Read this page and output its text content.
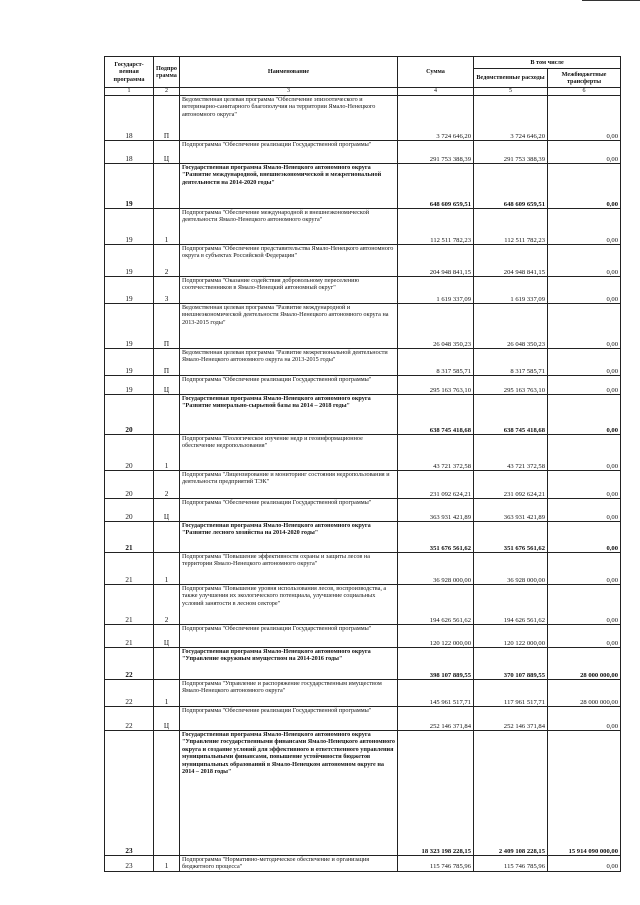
Государст-венная программа	Подпро грамма	Наименование	Сумма	В том числе	
				Ведомственные расходы	Межбюджетные трансферты
1	2	3	4	5	6
18	П	Ведомственная целевая программа "Обеспечение эпизоотического и ветеринарно-санитарного благополучия на территории Ямало-Ненецкого автономного округа"	3 724 646,20	3 724 646,20	0,00
18	Ц	Подпрограмма "Обеспечение реализации Государственной программы"	291 753 388,39	291 753 388,39	0,00
19		Государственная программа Ямало-Ненецкого автономного округа "Развитие международной, внешнеэкономической и межрегиональной деятельности на 2014-2020 годы"	648 609 659,51	648 609 659,51	0,00
19	1	Подпрограмма "Обеспечение международной и внешнеэкономической деятельности Ямало-Ненецкого автономного округа"	112 511 782,23	112 511 782,23	0,00
19	2	Подпрограмма "Обеспечение представительства Ямало-Ненецкого автономного округа в субъектах Российской Федерации"	204 948 841,15	204 948 841,15	0,00
19	3	Подпрограмма "Оказание содействия добровольному переселению соотечественников в Ямало-Ненецкий автономный округ"	1 619 337,09	1 619 337,09	0,00
19	П	Ведомственная целевая программа "Развитие международной и внешнеэкономической деятельности Ямало-Ненецкого автономного округа на 2013-2015 годы"	26 048 350,23	26 048 350,23	0,00
19	П	Ведомственная целевая программа "Развитие межрегиональной деятельности Ямало-Ненецкого автономного округа на 2013-2015 годы"	8 317 585,71	8 317 585,71	0,00
19	Ц	Подпрограмма "Обеспечение реализации Государственной программы"	295 163 763,10	295 163 763,10	0,00
20		Государственная программа Ямало-Ненецкого автономного округа "Развитие минерально-сырьевой базы на 2014 – 2018 годы"	638 745 418,68	638 745 418,68	0,00
20	1	Подпрограмма "Геологическое изучение недр и геоинформационное обеспечение недропользования"	43 721 372,58	43 721 372,58	0,00
20	2	Подпрограмма "Лицензирование и мониторинг состояния недропользования и деятельности предприятий ТЭК"	231 092 624,21	231 092 624,21	0,00
20	Ц	Подпрограмма "Обеспечение реализации Государственной программы"	363 931 421,89	363 931 421,89	0,00
21		Государственная программа Ямало-Ненецкого автономного округа "Развитие лесного хозяйства на 2014-2020 годы"	351 676 561,62	351 676 561,62	0,00
21	1	Подпрограмма "Повышение эффективности охраны и защиты лесов на территории Ямало-Ненецкого автономного округа"	36 928 000,00	36 928 000,00	0,00
21	2	Подпрограмма "Повышение уровня использования лесов, воспроизводства, а также улучшения их экологического потенциала, улучшение социальных условий занятости в лесном секторе"	194 626 561,62	194 626 561,62	0,00
21	Ц	Подпрограмма "Обеспечение реализации Государственной программы"	120 122 000,00	120 122 000,00	0,00
22		Государственная программа Ямало-Ненецкого автономного округа "Управление окружным имуществом на 2014-2016 годы"	398 107 889,55	370 107 889,55	28 000 000,00
22	1	Подпрограмма "Управление и распоряжение государственным имуществом Ямало-Ненецкого автономного округа"	145 961 517,71	117 961 517,71	28 000 000,00
22	Ц	Подпрограмма "Обеспечение реализации Государственной программы"	252 146 371,84	252 146 371,84	0,00
23		Государственная программа Ямало-Ненецкого автономного округа "Управление государственными финансами Ямало-Ненецкого автономного округа и создание условий для эффективного и ответственного управления муниципальными финансами, повышение устойчивости бюджетов муниципальных образований в Ямало-Ненецком автономном округе на 2014 – 2018 годы"	18 323 198 228,15	2 409 108 228,15	15 914 090 000,00
23	1	Подпрограмма "Нормативно-методическое обеспечение и организация бюджетного процесса"	115 746 785,96	115 746 785,96	0,00
